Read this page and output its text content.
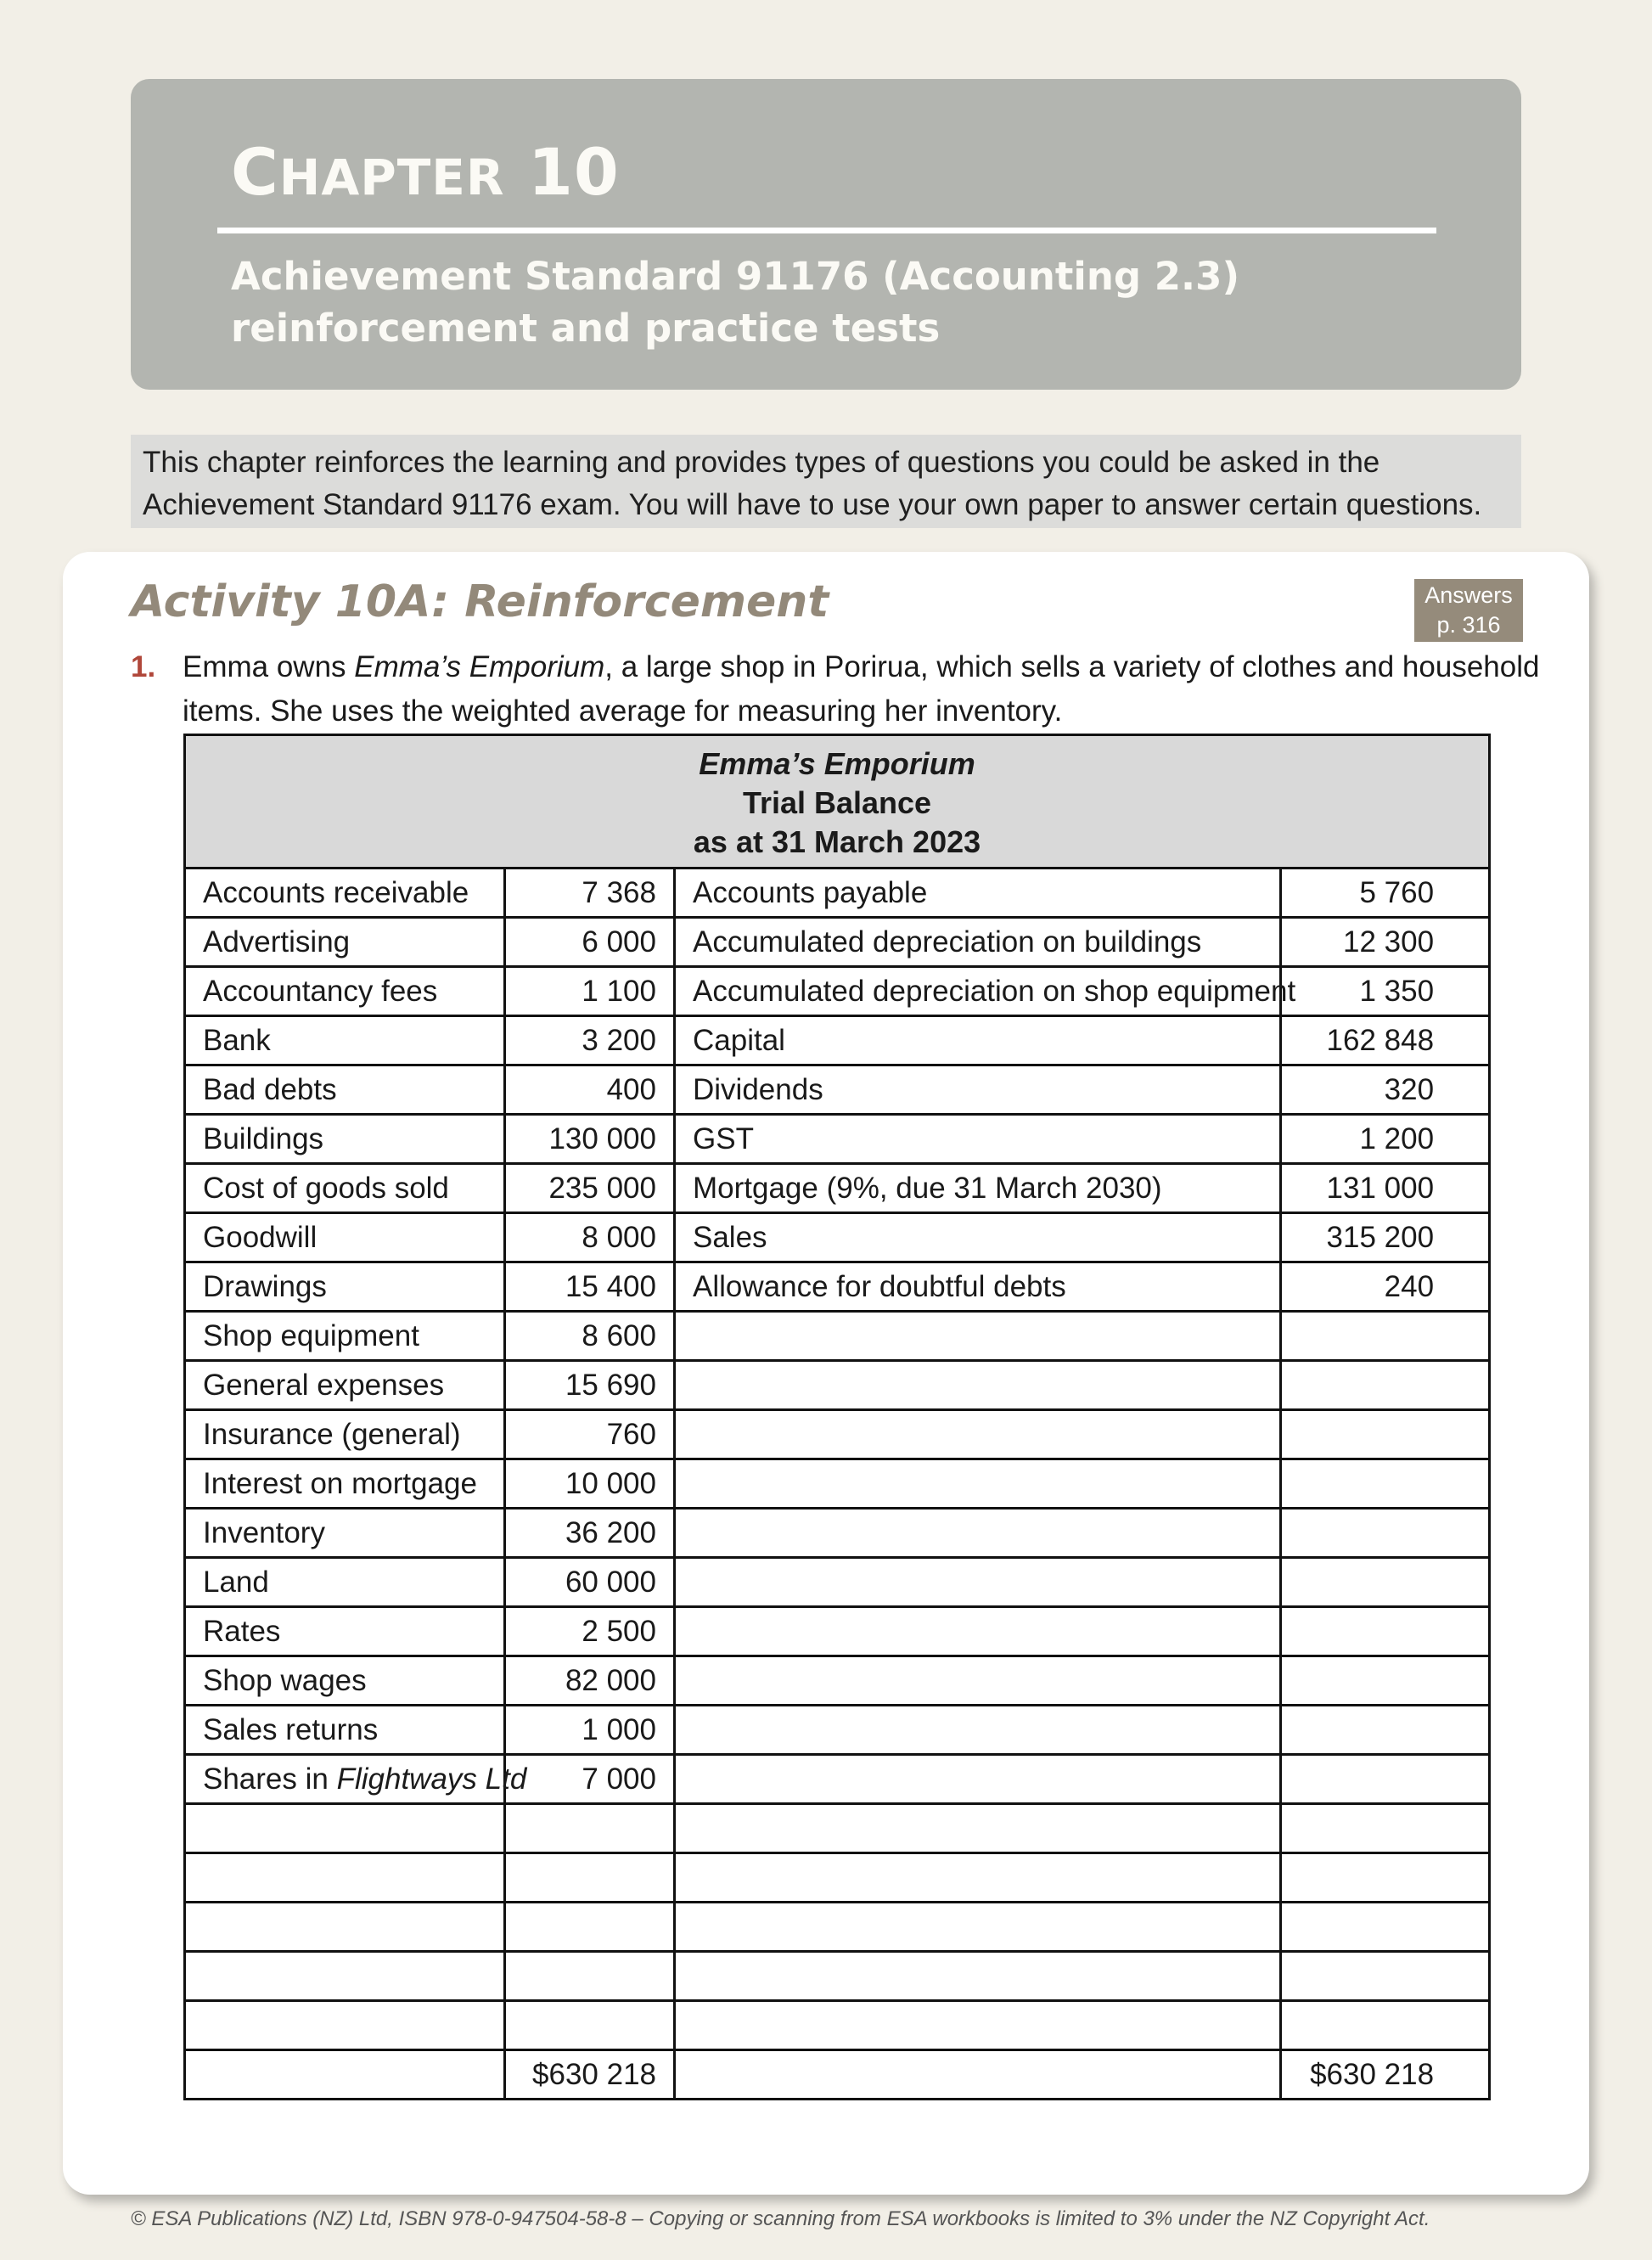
CHAPTER 10

Achievement Standard 91176 (Accounting 2.3) reinforcement and practice tests

This chapter reinforces the learning and provides types of questions you could be asked in the Achievement Standard 91176 exam. You will have to use your own paper to answer certain questions.
Activity 10A: Reinforcement	Answers
p. 316
1. Emma owns Emma’s Emporium, a large shop in Porirua, which sells a variety of clothes and household items. She uses the weighted average for measuring her inventory.
Emma’s Emporium
Trial Balance
as at 31 March 2023			

Accounts receivable	7 368	Accounts payable	5 760
Advertising	6 000	Accumulated depreciation on buildings	12 300
Accountancy fees	1 100	Accumulated depreciation on shop equipment	1 350
Bank	3 200	Capital	162 848
Bad debts	400	Dividends	320
Buildings	130 000	GST	1 200
Cost of goods sold	235 000	Mortgage (9%, due 31 March 2030)	131 000
Goodwill	8 000	Sales	315 200
Drawings	15 400	Allowance for doubtful debts	240
Shop equipment	8 600		
General expenses	15 690		
Insurance (general)	760		
Interest on mortgage	10 000		
Inventory	36 200		
Land	60 000		
Rates	2 500		
Shop wages	82 000		
Sales returns	1 000		
Shares in Flightways Ltd	7 000		

	$630 218		$630 218
© ESA Publications (NZ) Ltd, ISBN 978-0-947504-58-8 – Copying or scanning from ESA workbooks is limited to 3% under the NZ Copyright Act.
